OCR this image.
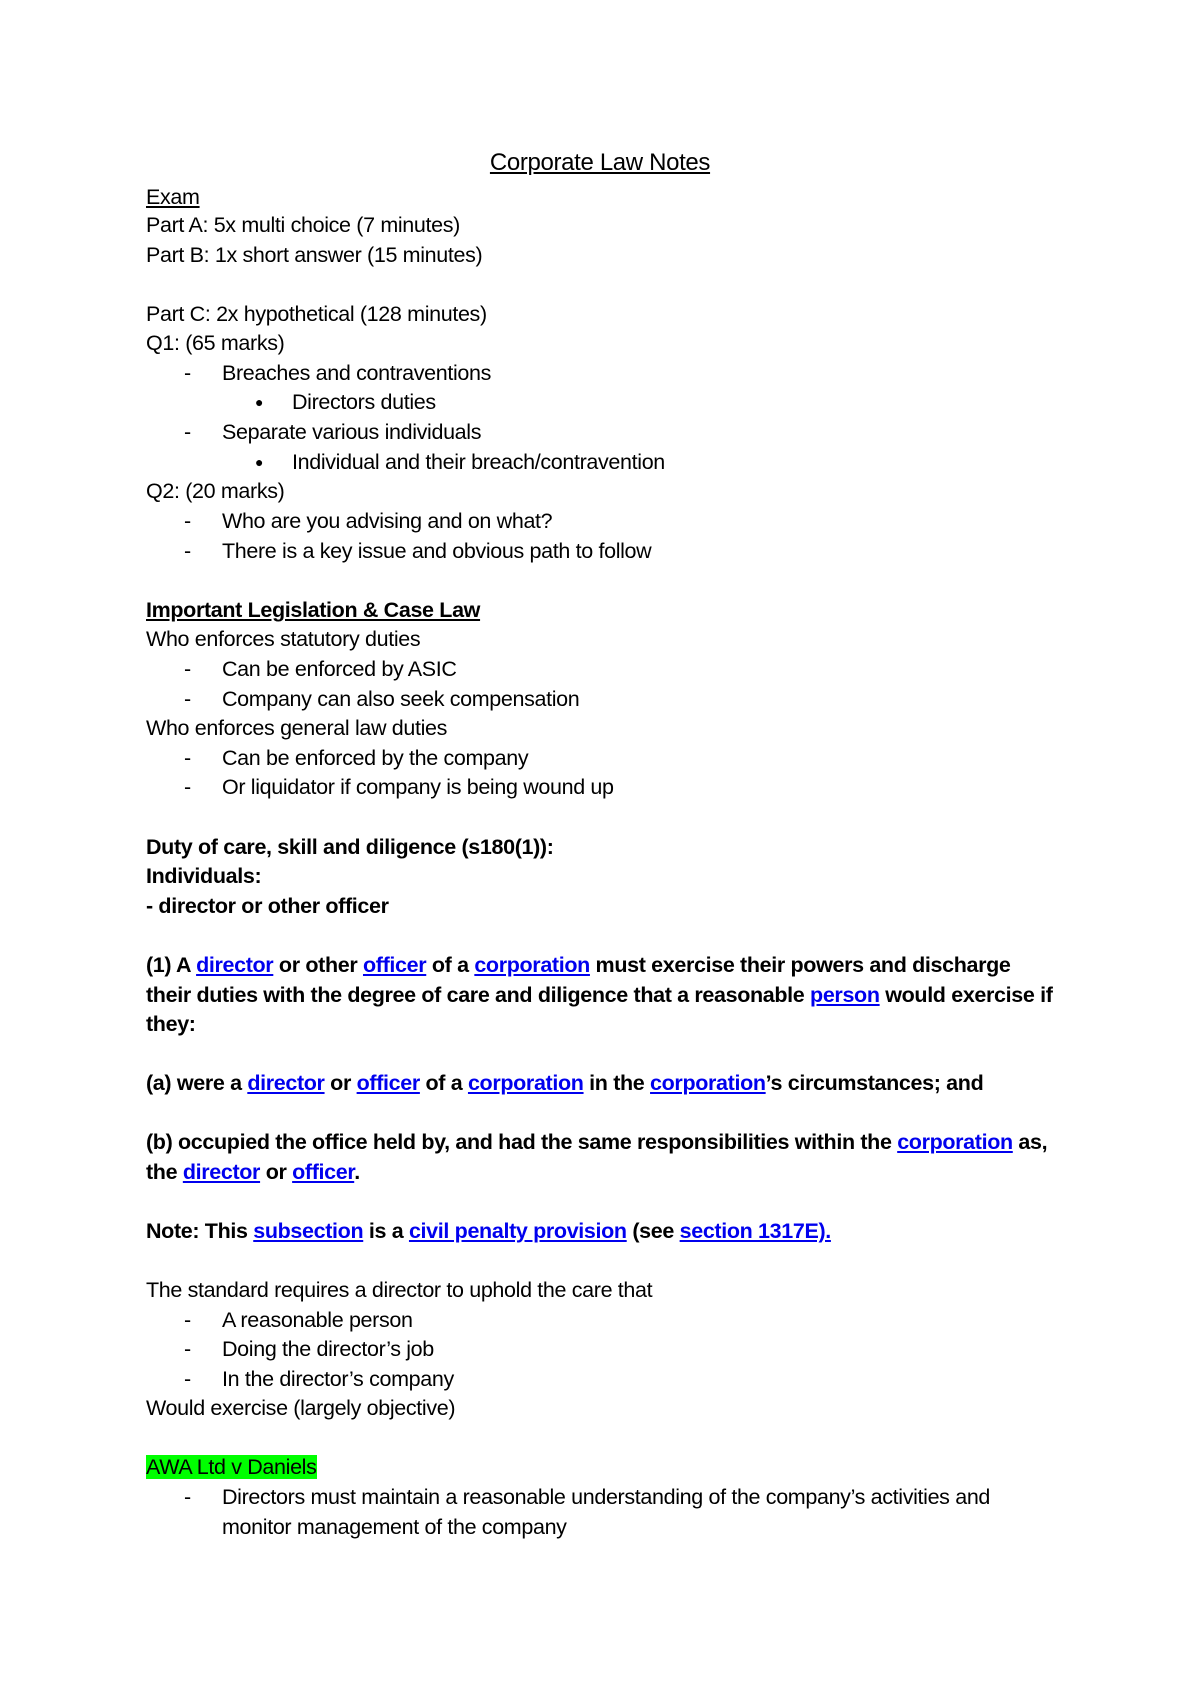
Corporate Law Notes
Exam
Part A: 5x multi choice (7 minutes)
Part B: 1x short answer (15 minutes)
Part C: 2x hypothetical (128 minutes)
Q1: (65 marks)
- Breaches and contraventions
● Directors duties
- Separate various individuals
● Individual and their breach/contravention
Q2: (20 marks)
- Who are you advising and on what?
- There is a key issue and obvious path to follow
Important Legislation & Case Law
Who enforces statutory duties
- Can be enforced by ASIC
- Company can also seek compensation
Who enforces general law duties
- Can be enforced by the company
- Or liquidator if company is being wound up
Duty of care, skill and diligence (s180(1)):
Individuals:
- director or other officer
(1) A director or other officer of a corporation must exercise their powers and discharge
their duties with the degree of care and diligence that a reasonable person would exercise if
they:
(a) were a director or officer of a corporation in the corporation’s circumstances; and
(b) occupied the office held by, and had the same responsibilities within the corporation as,
the director or officer.
Note: This subsection is a civil penalty provision (see section 1317E).
The standard requires a director to uphold the care that
- A reasonable person
- Doing the director’s job
- In the director’s company
Would exercise (largely objective)
AWA Ltd v Daniels
- Directors must maintain a reasonable understanding of the company’s activities and
monitor management of the company
